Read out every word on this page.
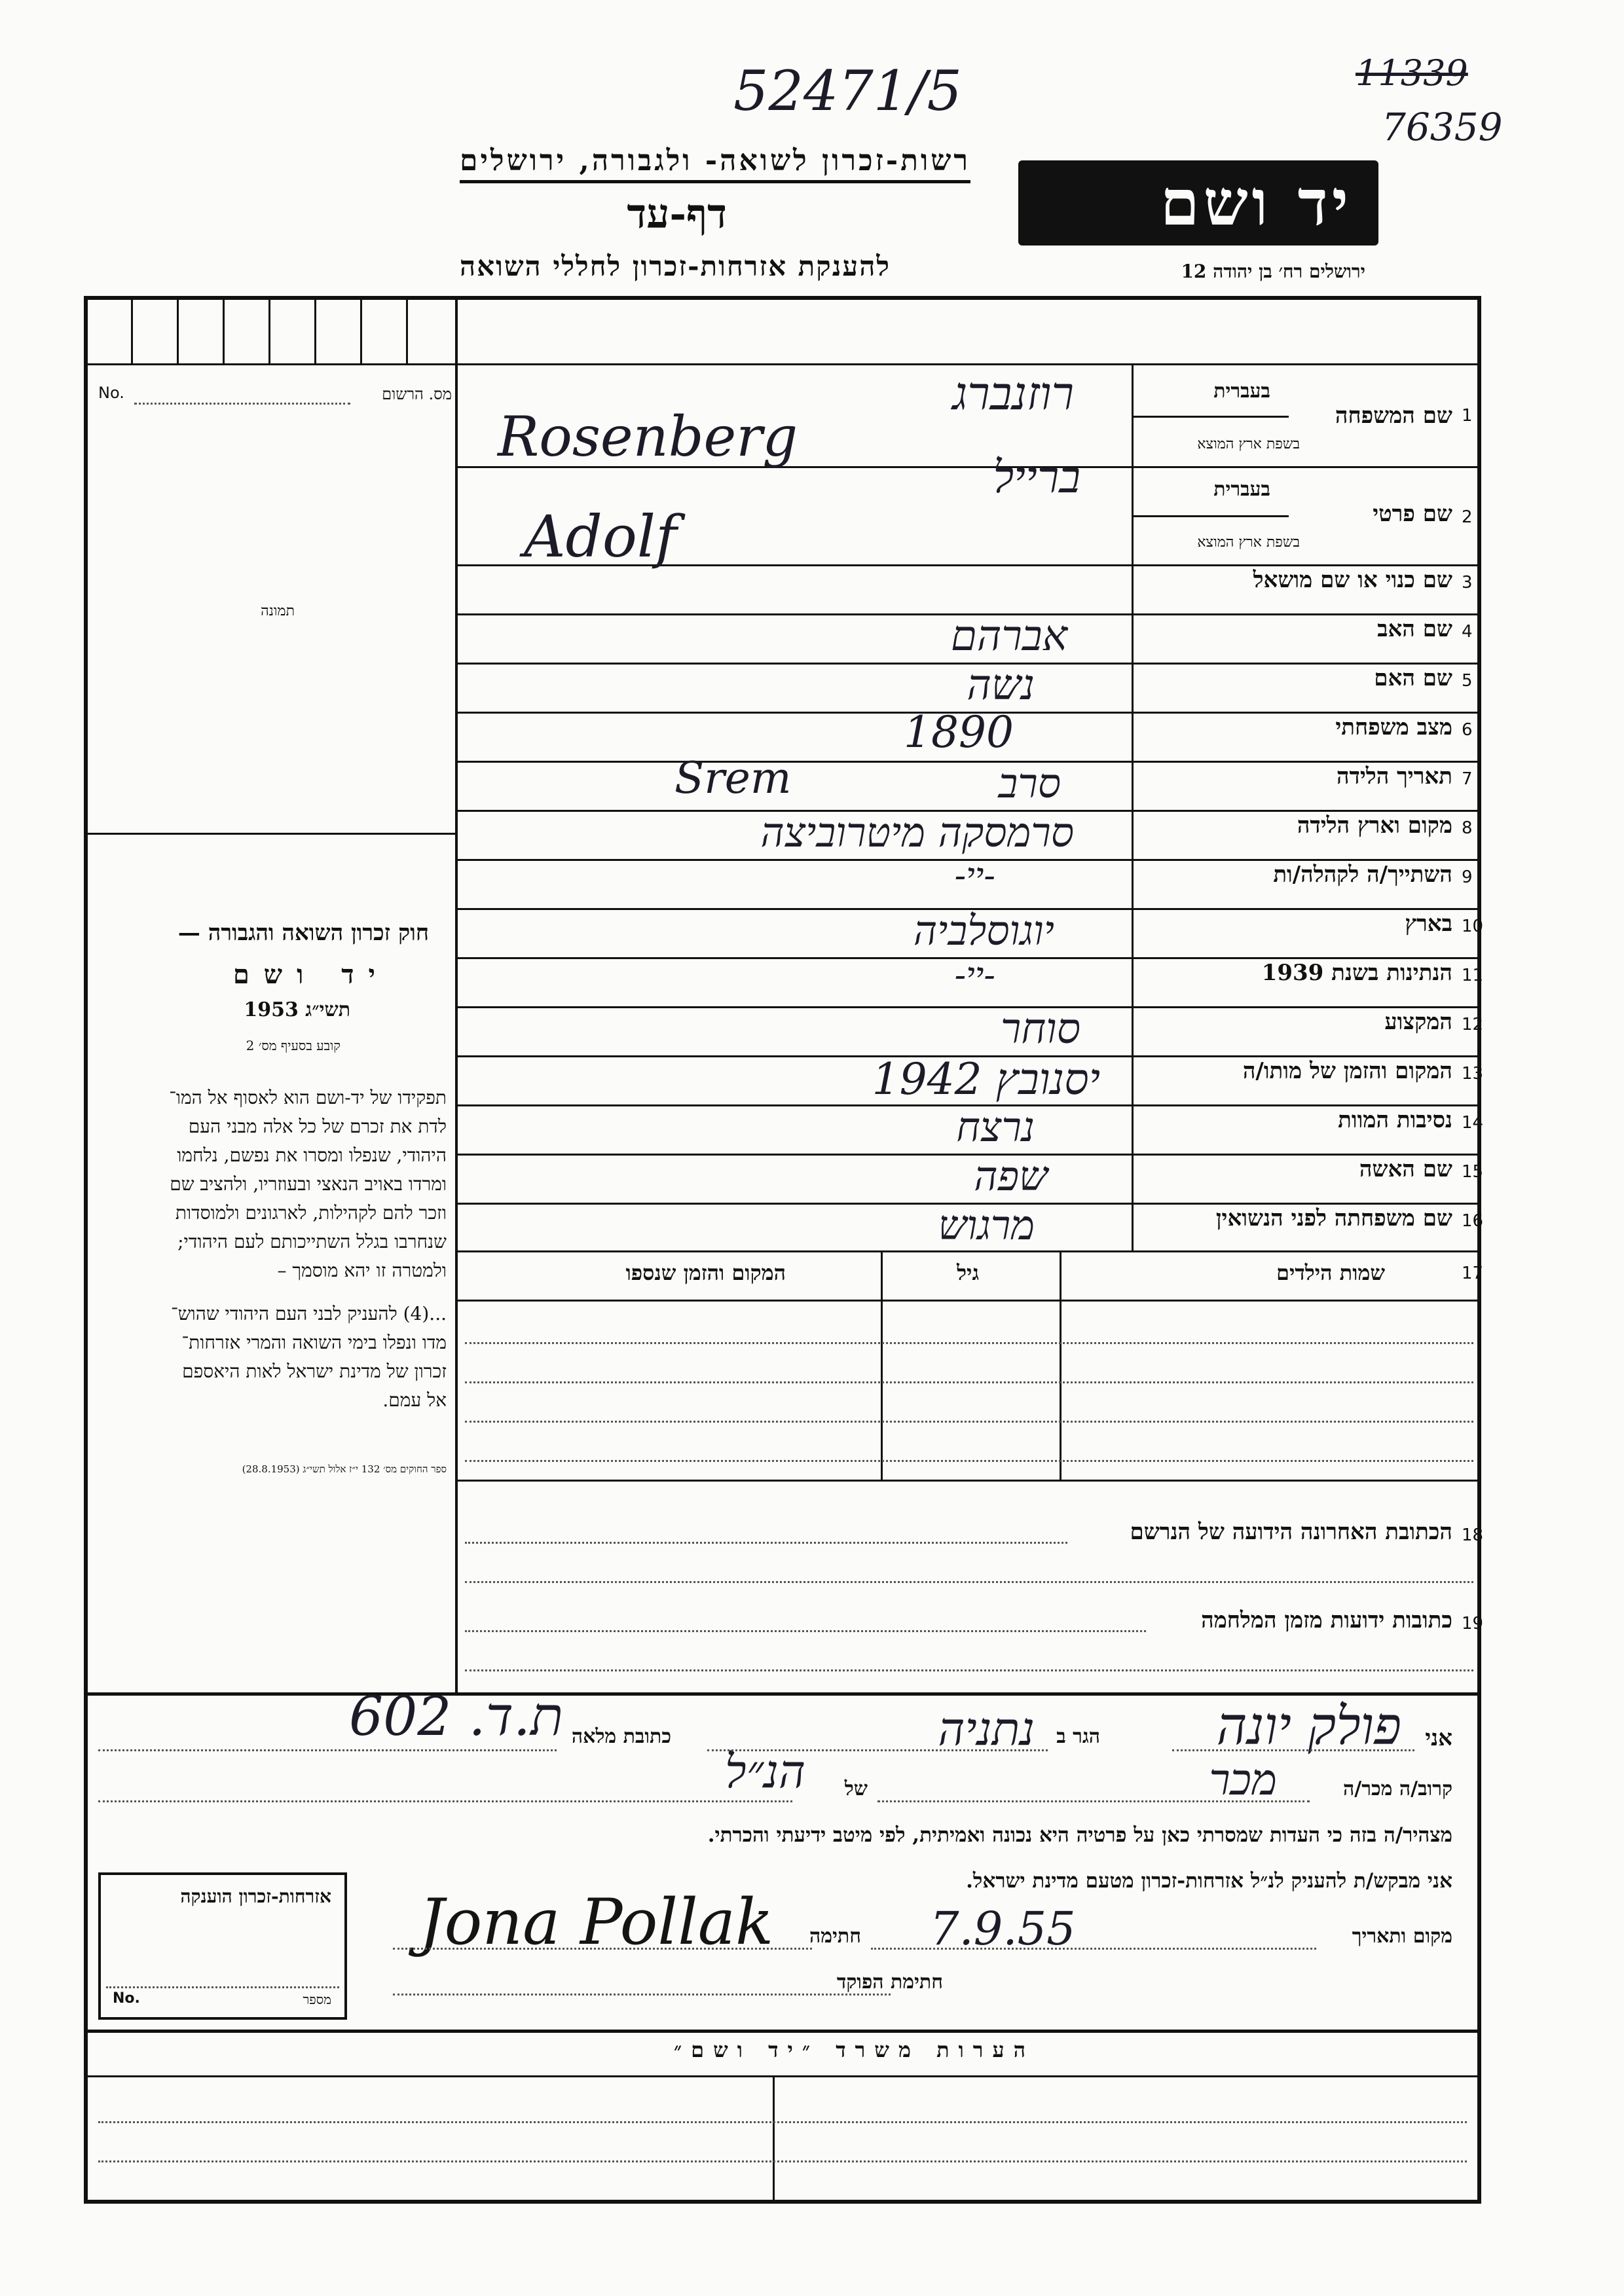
52471/5	11339
76359
רשות-זכרון לשואה- ולגבורה, ירושלים
דף-עד
להענקת אזרחות-זכרון לחללי השואה
יד ושם
ירושלים רח׳ בן יהודה 12
מס. הרשום
No.
תמונה
חוק זכרון השואה והגבורה —
יד ושם
תשי״ג 1953
קובע בסעיף מס׳ 2
תפקידו של יד-ושם הוא לאסוף אל המו־
לדת את זכרם של כל אלה מבני העם
היהודי, שנפלו ומסרו את נפשם, נלחמו
ומרדו באויב הנאצי ובעוזריו, ולהציב שם
וזכר להם לקהילות, לארגונים ולמוסדות
שנחרבו בגלל השתייכותם לעם היהודי;
ולמטרה זו יהא מוסמך –
...(4) להעניק לבני העם היהודי שהוש־
מדו ונפלו בימי השואה והמרי אזרחות־
זכרון של מדינת ישראל לאות היאספם
אל עמם.
ספר החוקים מס׳ 132 י״ז אלול תשי״ג (28.8.1953)
1
שם המשפחה
בעברית
בשפת ארץ המוצא
רוזנברג
Rosenberg
ברייל
2
שם פרטי
בעברית
בשפת ארץ המוצא
Adolf
3
שם כנוי או שם מושאל
4
שם האב
אברהם
5
שם האם
נשה
6
מצב משפחתי
1890
7
תאריך הלידה
סרב
Srem
8
מקום וארץ הלידה
סרמסקה מיטרוביצה
9
השתייך/ה לקהלה/ות
-יי-
10
בארץ
יוגוסלביה
11
הנתינות בשנת 1939
-יי-
12
המקצוע
סוחר
13
המקום והזמן של מותו/ה
יסנובץ 1942
14
נסיבות המוות
נרצח
15
שם האשה
שפה
16
שם משפחתה לפני הנשואין
מרגוש
17
שמות הילדים
גיל
המקום והזמן שנספו
18
הכתובת האחרונה הידועה של הנרשם
19
כתובות ידועות מזמן המלחמה
אני
פולק יונה
הגר ב
נתניה
כתובת מלאה
ת.ד. 602
קרוב/ה מכר/ה
מכר
של
הנ״ל
מצהיר/ה בזה כי העדות שמסרתי כאן על פרטיה היא נכונה ואמיתית, לפי מיטב ידיעתי והכרתי.
אני מבקש/ת להעניק לנ״ל אזרחות-זכרון מטעם מדינת ישראל.
מקום ותאריך
7.9.55
חתימה
Jona Pollak
חתימת הפוקד
אזרחות-זכרון הוענקה
מספר
No.
הערות משרד ״יד ושם״
